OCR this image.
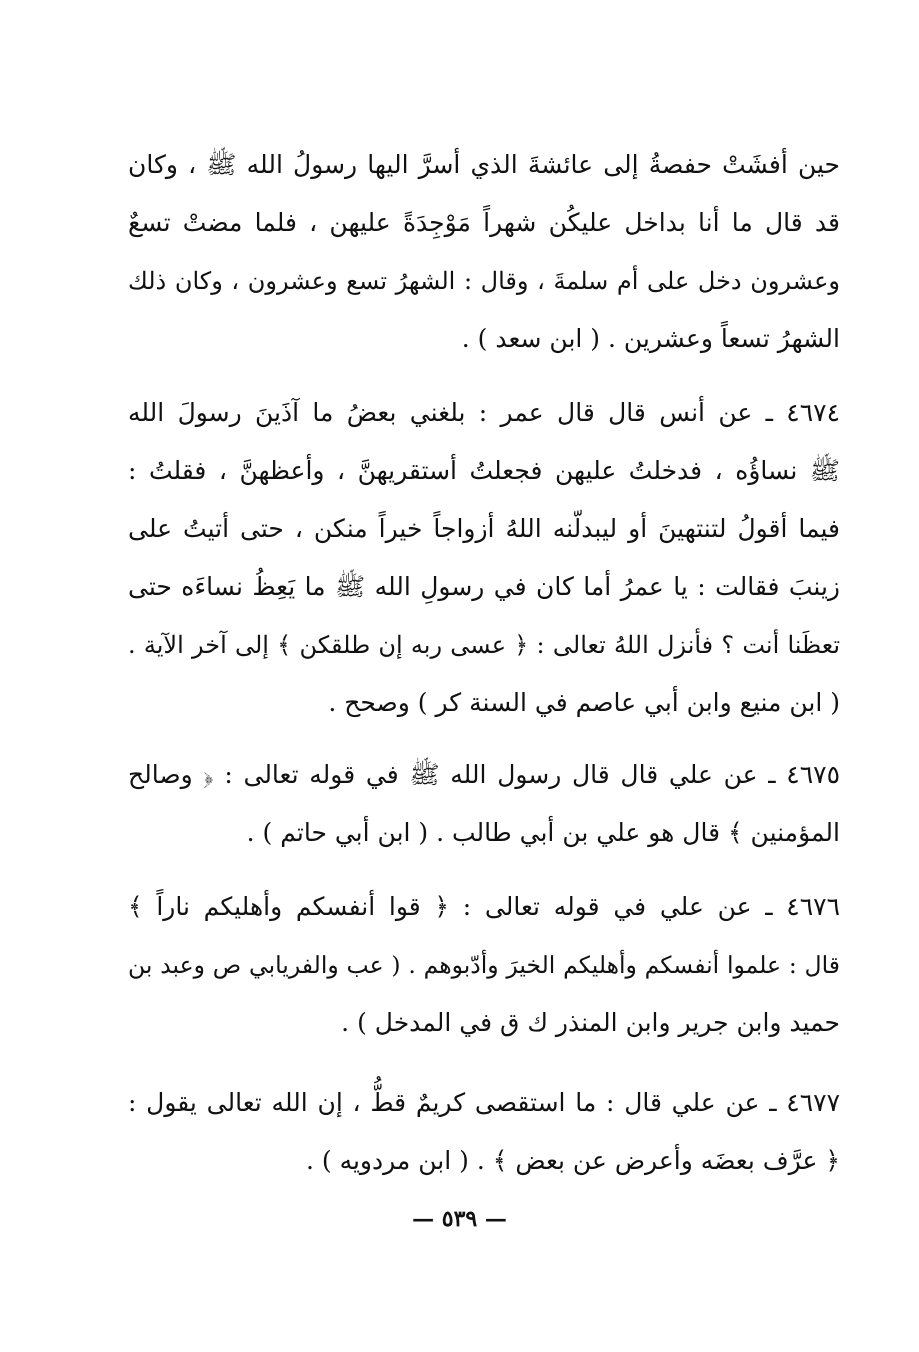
حين أفشَتْ حفصةُ إلى عائشةَ الذي أسرَّ اليها رسولُ الله ﷺ ، وكان
قد قال ما أنا بداخل عليكُن شهراً مَوْجِدَةً عليهن ، فلما مضتْ تسعٌ
وعشرون دخل على أم سلمةَ ، وقال : الشهرُ تسع وعشرون ، وكان ذلك
الشهرُ تسعاً وعشرين . ( ابن سعد ) .
٤٦٧٤ ـ عن أنس قال قال عمر : بلغني بعضُ ما آذَينَ رسولَ الله
ﷺ نساؤُه ، فدخلتُ عليهن فجعلتُ أستقريهنَّ ، وأعظهنَّ ، فقلتُ :
فيما أقولُ لتنتهينَ أو ليبدلّنه اللهُ أزواجاً خيراً منكن ، حتى أتيتُ على
زينبَ فقالت : يا عمرُ أما كان في رسولِ الله ﷺ ما يَعِظُ نساءَه حتى
تعظَنا أنت ؟ فأنزل اللهُ تعالى : ﴿ عسى ربه إن طلقكن ﴾ إلى آخر الآية .
( ابن منيع وابن أبي عاصم في السنة كر ) وصحح .
٤٦٧٥ ـ عن علي قال قال رسول الله ﷺ في قوله تعالى : ﴿ وصالح
المؤمنين ﴾ قال هو علي بن أبي طالب . ( ابن أبي حاتم ) .
٤٦٧٦ ـ عن علي في قوله تعالى : ﴿ قوا أنفسكم وأهليكم ناراً ﴾
قال : علموا أنفسكم وأهليكم الخيرَ وأدّبوهم . ( عب والفريابي ص وعبد بن
حميد وابن جرير وابن المنذر ك ق في المدخل ) .
٤٦٧٧ ـ عن علي قال : ما استقصى كريمٌ قطُّ ، إن الله تعالى يقول :
﴿ عرَّف بعضَه وأعرض عن بعض ﴾ . ( ابن مردويه ) .
— ٥٣٩ —
